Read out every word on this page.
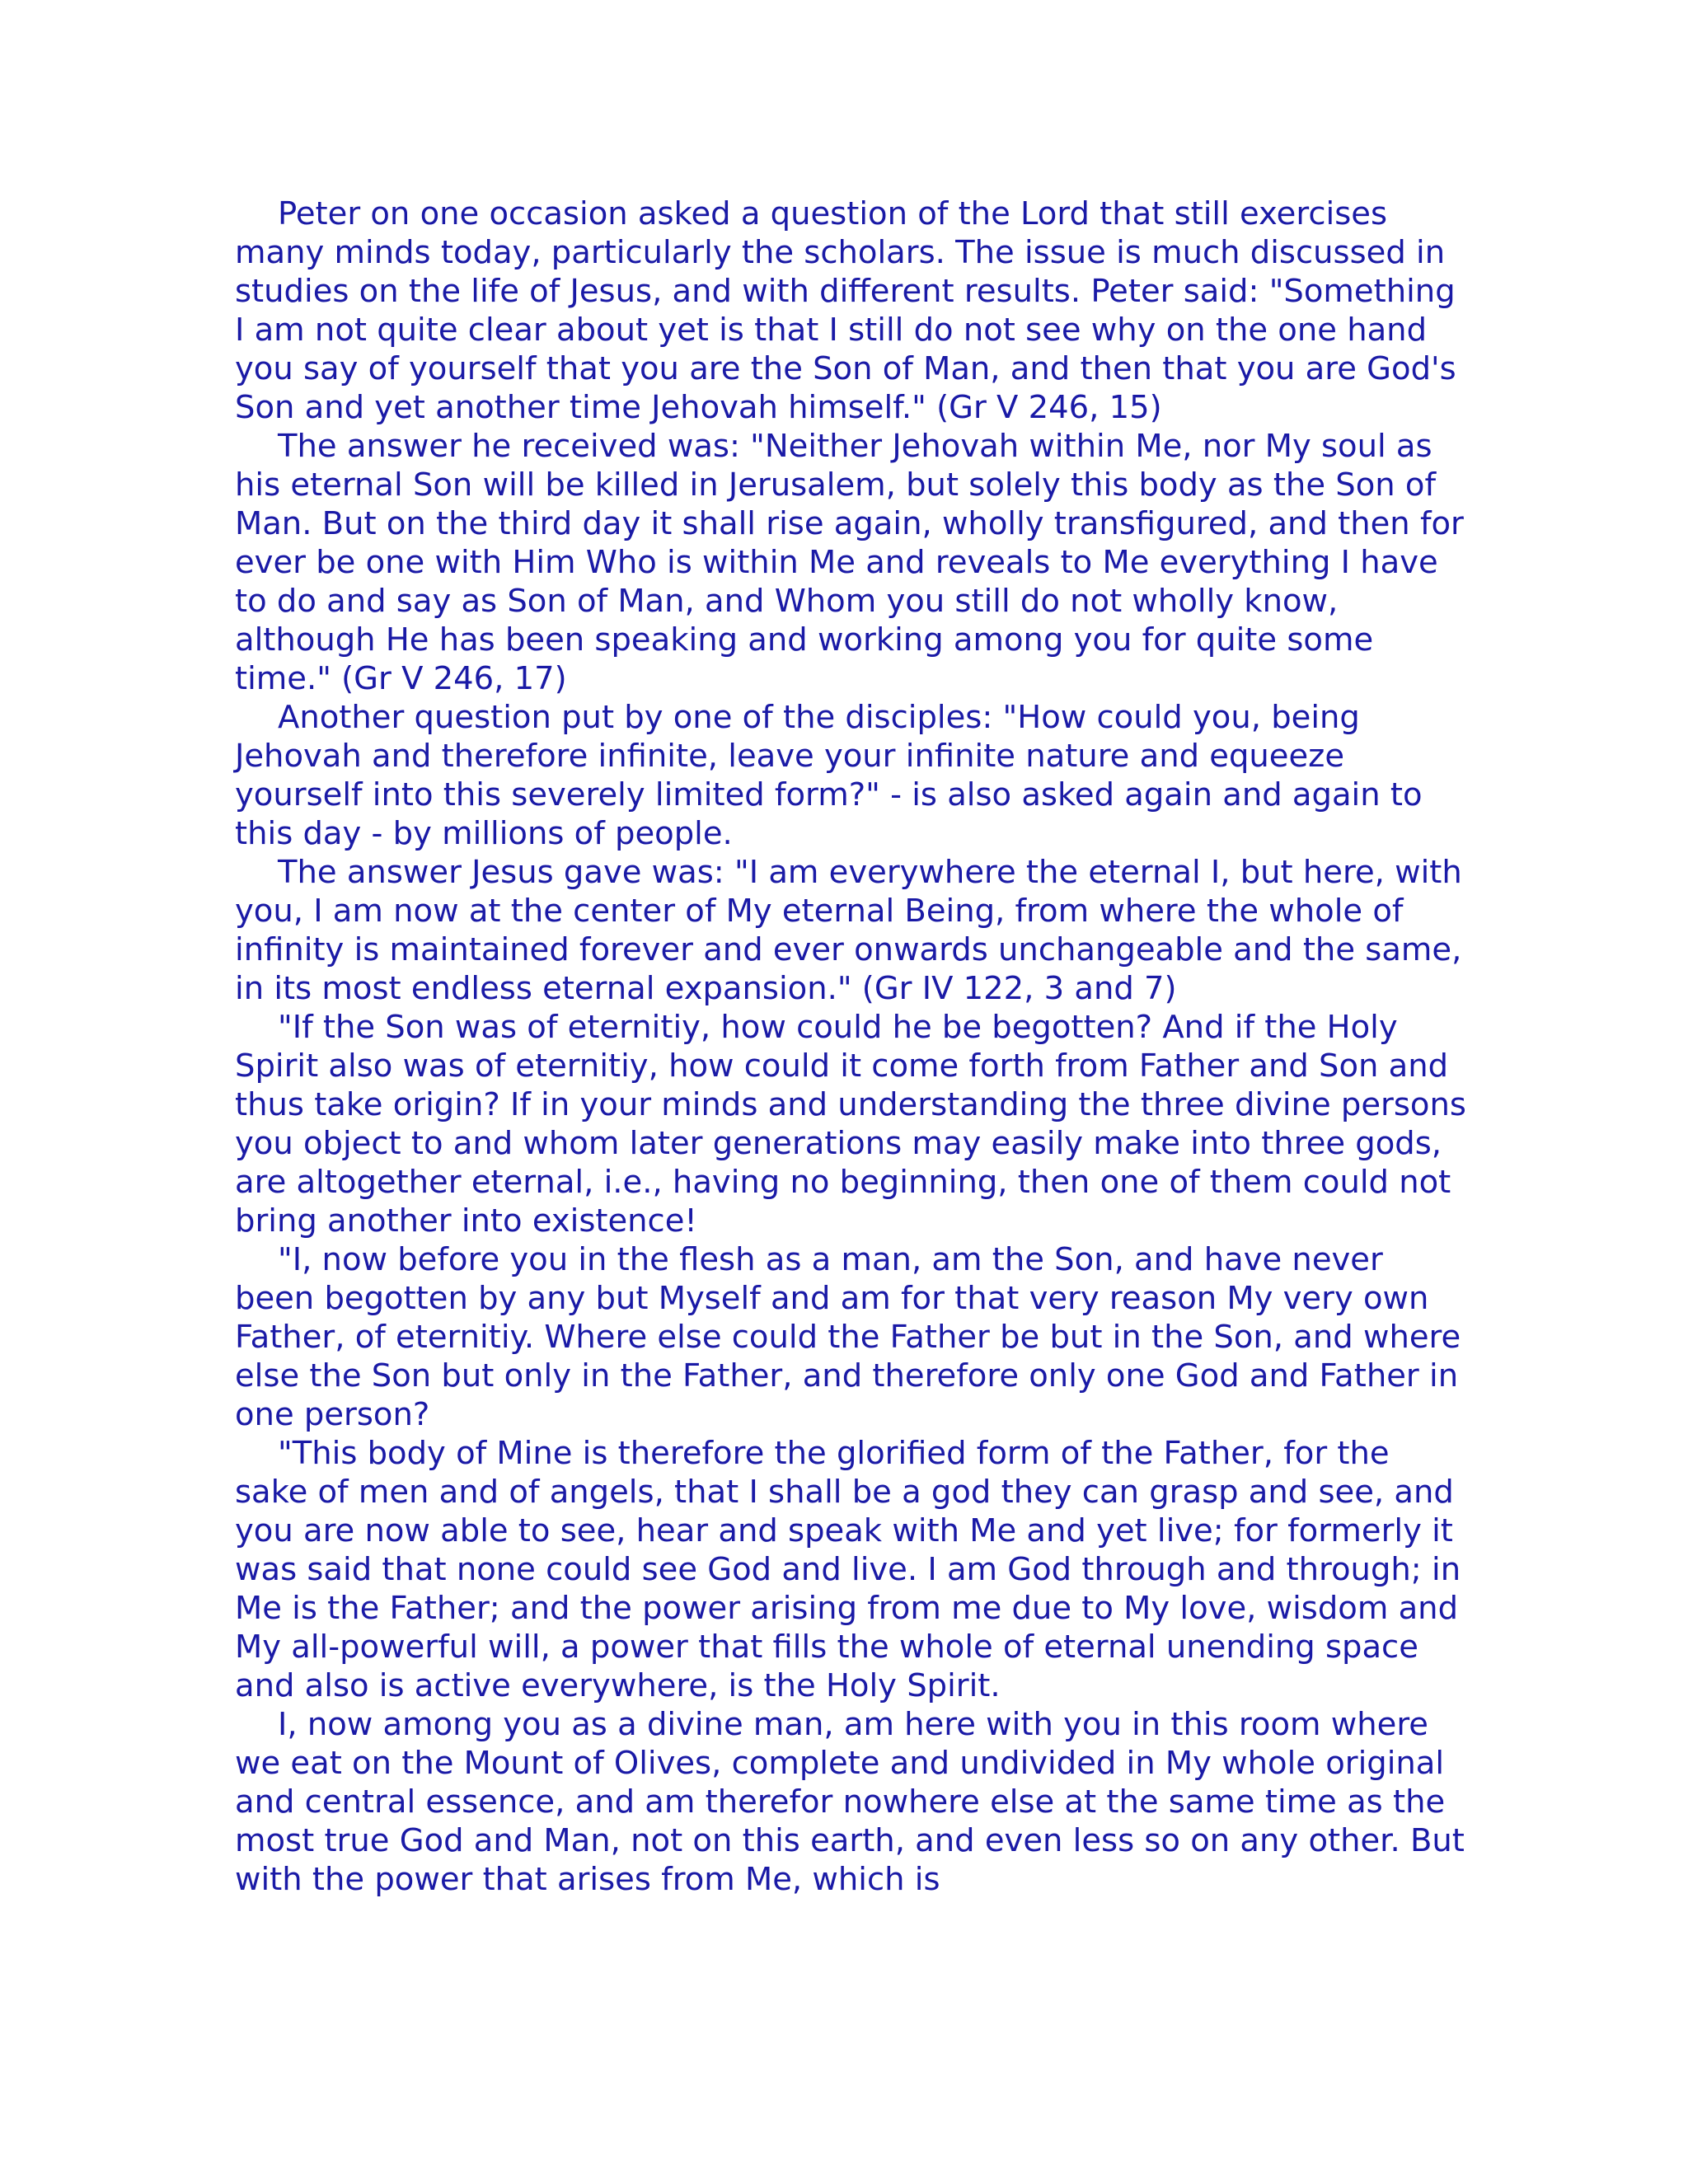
Peter on one occasion asked a question of the Lord that still exercises many minds today, particularly the scholars. The issue is much discussed in studies on the life of Jesus, and with different results. Peter said: "Something I am not quite clear about yet is that I still do not see why on the one hand you say of yourself that you are the Son of Man, and then that you are God's Son and yet another time Jehovah himself." (Gr V 246, 15)

The answer he received was: "Neither Jehovah within Me, nor My soul as his eternal Son will be killed in Jerusalem, but solely this body as the Son of Man. But on the third day it shall rise again, wholly transfigured, and then for ever be one with Him Who is within Me and reveals to Me everything I have to do and say as Son of Man, and Whom you still do not wholly know, although He has been speaking and working among you for quite some time." (Gr V 246, 17)

Another question put by one of the disciples: "How could you, being Jehovah and therefore infinite, leave your infinite nature and equeeze yourself into this severely limited form?" - is also asked again and again to this day - by millions of people.

The answer Jesus gave was: "I am everywhere the eternal I, but here, with you, I am now at the center of My eternal Being, from where the whole of infinity is maintained forever and ever onwards unchangeable and the same, in its most endless eternal expansion." (Gr IV 122, 3 and 7)

"If the Son was of eternitiy, how could he be begotten? And if the Holy Spirit also was of eternitiy, how could it come forth from Father and Son and thus take origin? If in your minds and understanding the three divine persons you object to and whom later generations may easily make into three gods, are altogether eternal, i.e., having no beginning, then one of them could not bring another into existence!

"I, now before you in the flesh as a man, am the Son, and have never been begotten by any but Myself and am for that very reason My very own Father, of eternitiy. Where else could the Father be but in the Son, and where else the Son but only in the Father, and therefore only one God and Father in one person?

"This body of Mine is therefore the glorified form of the Father, for the sake of men and of angels, that I shall be a god they can grasp and see, and you are now able to see, hear and speak with Me and yet live; for formerly it was said that none could see God and live. I am God through and through; in Me is the Father; and the power arising from me due to My love, wisdom and My all-powerful will, a power that fills the whole of eternal unending space and also is active everywhere, is the Holy Spirit.

I, now among you as a divine man, am here with you in this room where we eat on the Mount of Olives, complete and undivided in My whole original and central essence, and am therefor nowhere else at the same time as the most true God and Man, not on this earth, and even less so on any other. But with the power that arises from Me, which is
